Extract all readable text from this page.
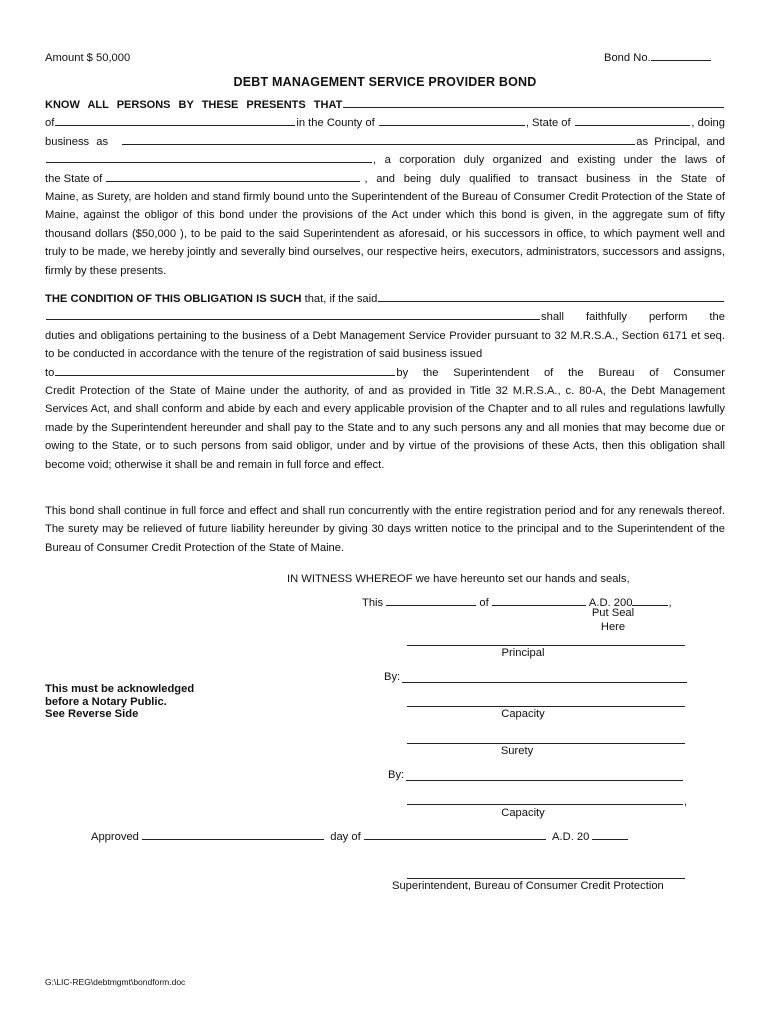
Amount $ 50,000	Bond No.
DEBT MANAGEMENT SERVICE PROVIDER BOND
KNOW ALL PERSONS BY THESE PRESENTS THAT
of	in the County of
	, State of
	, doing
business as
	as Principal, and
, a corporation duly organized and existing under the laws of
the State of

	, and being duly qualified to transact business in the State of

Maine, as Surety, are holden and stand firmly bound unto the Superintendent of the Bureau of Consumer Credit Protection of the State of Maine, against the obligor of this bond under the provisions of the Act under which this bond is given, in the aggregate sum of fifty thousand dollars ($50,000 ), to be paid to the said Superintendent as aforesaid, or his successors in office, to which payment well and truly to be made, we hereby jointly and severally bind ourselves, our respective heirs, executors, administrators, successors and assigns, firmly by these presents.

THE CONDITION OF THIS OBLIGATION IS SUCH
that, if the said
shall faithfully perform the

duties and obligations pertaining to the business of a Debt Management Service Provider pursuant to 32 M.R.S.A., Section 6171 et seq. to be conducted in accordance with the tenure of the registration of said business issued

to	by the Superintendent of the Bureau of Consumer

Credit Protection of the State of Maine under the authority, of and as provided in Title 32 M.R.S.A., c. 80-A, the Debt Management Services Act, and shall conform and abide by each and every applicable provision of the Chapter and to all rules and regulations lawfully made by the Superintendent hereunder and shall pay to the State and to any such persons any and all monies that may become due or owing to the State, or to such persons from said obligor, under and by virtue of the provisions of these Acts, then this obligation shall become void; otherwise it shall be and remain in full force and effect.

This bond shall continue in full force and effect and shall run concurrently with the entire registration period and for any renewals thereof. The surety may be relieved of future liability hereunder by giving 30 days written notice to the principal and to the Superintendent of the Bureau of Consumer Credit Protection of the State of Maine.
IN WITNESS WHEREOF we have hereunto set our hands and seals,
This

	of

	A.D. 200	,
Put Seal
Here
Principal
By:
Capacity
Surety
By:
,
Capacity
This must be acknowledged
before a Notary Public.
See Reverse Side
Approved

	day of

	A.D. 20

Superintendent, Bureau of Consumer Credit Protection
G:\LIC-REG\debtmgmt\bondform.doc
